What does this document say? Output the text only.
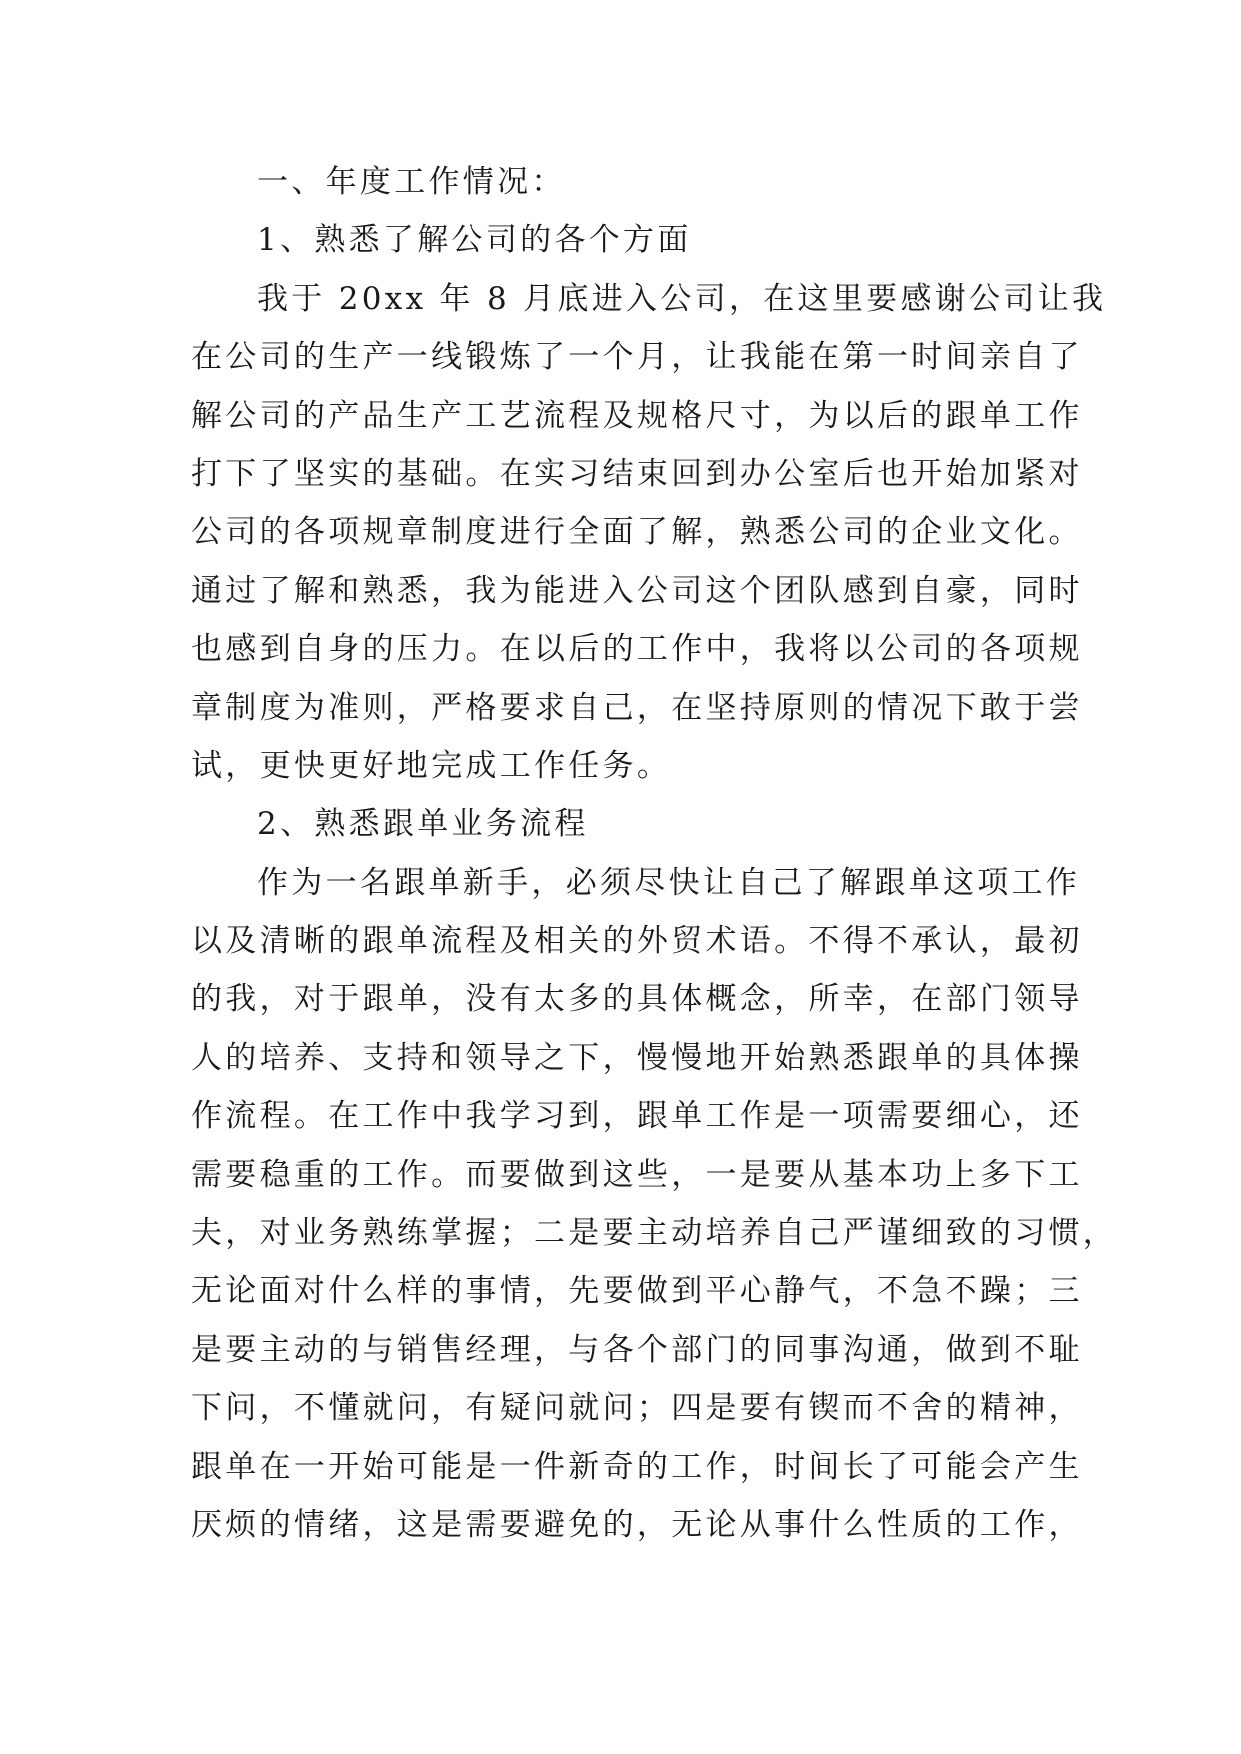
一、年度工作情况：
1、熟悉了解公司的各个方面
我于 20xx 年 8 月底进入公司，在这里要感谢公司让我
在公司的生产一线锻炼了一个月，让我能在第一时间亲自了
解公司的产品生产工艺流程及规格尺寸，为以后的跟单工作
打下了坚实的基础。在实习结束回到办公室后也开始加紧对
公司的各项规章制度进行全面了解，熟悉公司的企业文化。
通过了解和熟悉，我为能进入公司这个团队感到自豪，同时
也感到自身的压力。在以后的工作中，我将以公司的各项规
章制度为准则，严格要求自己，在坚持原则的情况下敢于尝
试，更快更好地完成工作任务。
2、熟悉跟单业务流程
作为一名跟单新手，必须尽快让自己了解跟单这项工作
以及清晰的跟单流程及相关的外贸术语。不得不承认，最初
的我，对于跟单，没有太多的具体概念，所幸，在部门领导
人的培养、支持和领导之下，慢慢地开始熟悉跟单的具体操
作流程。在工作中我学习到，跟单工作是一项需要细心，还
需要稳重的工作。而要做到这些，一是要从基本功上多下工
夫，对业务熟练掌握；二是要主动培养自己严谨细致的习惯，
无论面对什么样的事情，先要做到平心静气，不急不躁；三
是要主动的与销售经理，与各个部门的同事沟通，做到不耻
下问，不懂就问，有疑问就问；四是要有锲而不舍的精神，
跟单在一开始可能是一件新奇的工作，时间长了可能会产生
厌烦的情绪，这是需要避免的，无论从事什么性质的工作，
